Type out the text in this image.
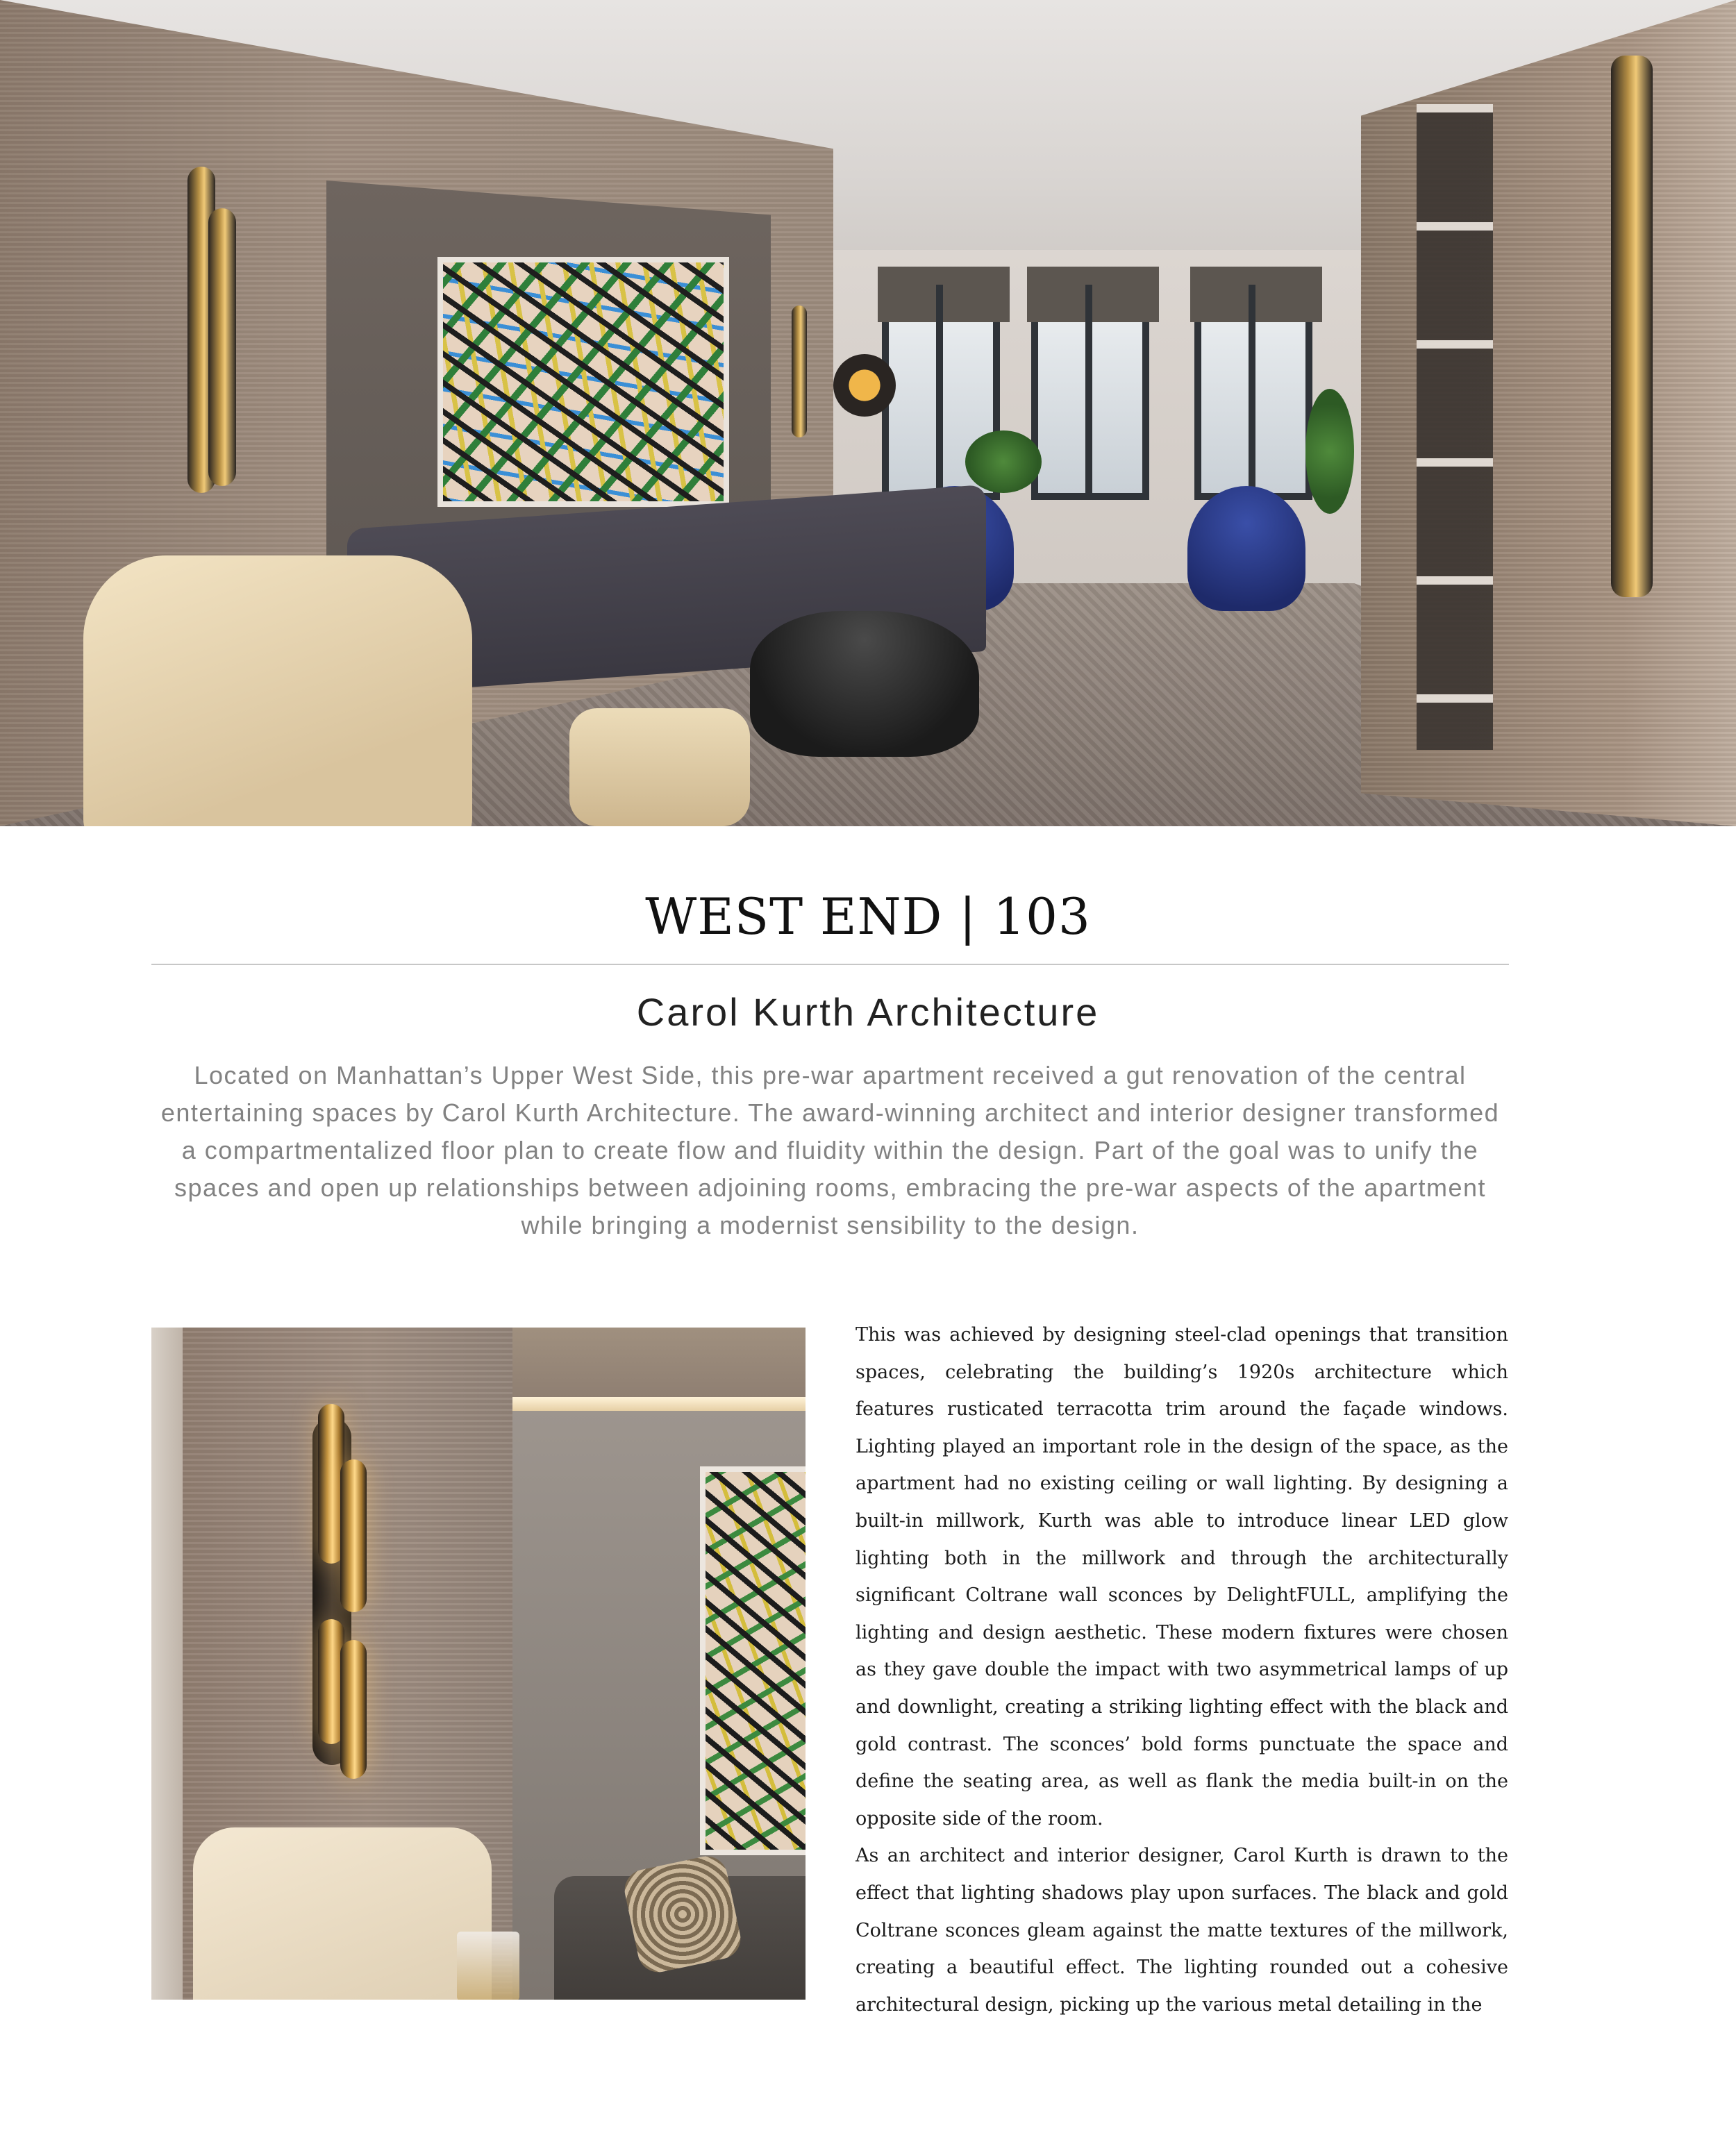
WEST END | 103
Carol Kurth Architecture

Located on Manhattan’s Upper West Side, this pre-war apartment received a gut renovation of the central entertaining spaces by Carol Kurth Architecture. The award-winning architect and interior designer transformed a compartmentalized floor plan to create flow and fluidity within the design. Part of the goal was to unify the spaces and open up relationships between adjoining rooms, embracing the pre-war aspects of the apartment while bringing a modernist sensibility to the design.

This was achieved by designing steel-clad openings that transition spaces, celebrating the building’s 1920s architecture which features rusticated terracotta trim around the façade windows. Lighting played an important role in the design of the space, as the apartment had no existing ceiling or wall lighting. By designing a built-in millwork, Kurth was able to introduce linear LED glow lighting both in the millwork and through the architecturally significant Coltrane wall sconces by DelightFULL, amplifying the lighting and design aesthetic. These modern fixtures were chosen as they gave double the impact with two asymmetrical lamps of up and downlight, creating a striking lighting effect with the black and gold contrast. The sconces’ bold forms punctuate the space and define the seating area, as well as flank the media built-in on the opposite side of the room.

As an architect and interior designer, Carol Kurth is drawn to the effect that lighting shadows play upon surfaces. The black and gold Coltrane sconces gleam against the matte textures of the millwork, creating a beautiful effect. The lighting rounded out a cohesive architectural design, picking up the various metal detailing in the
